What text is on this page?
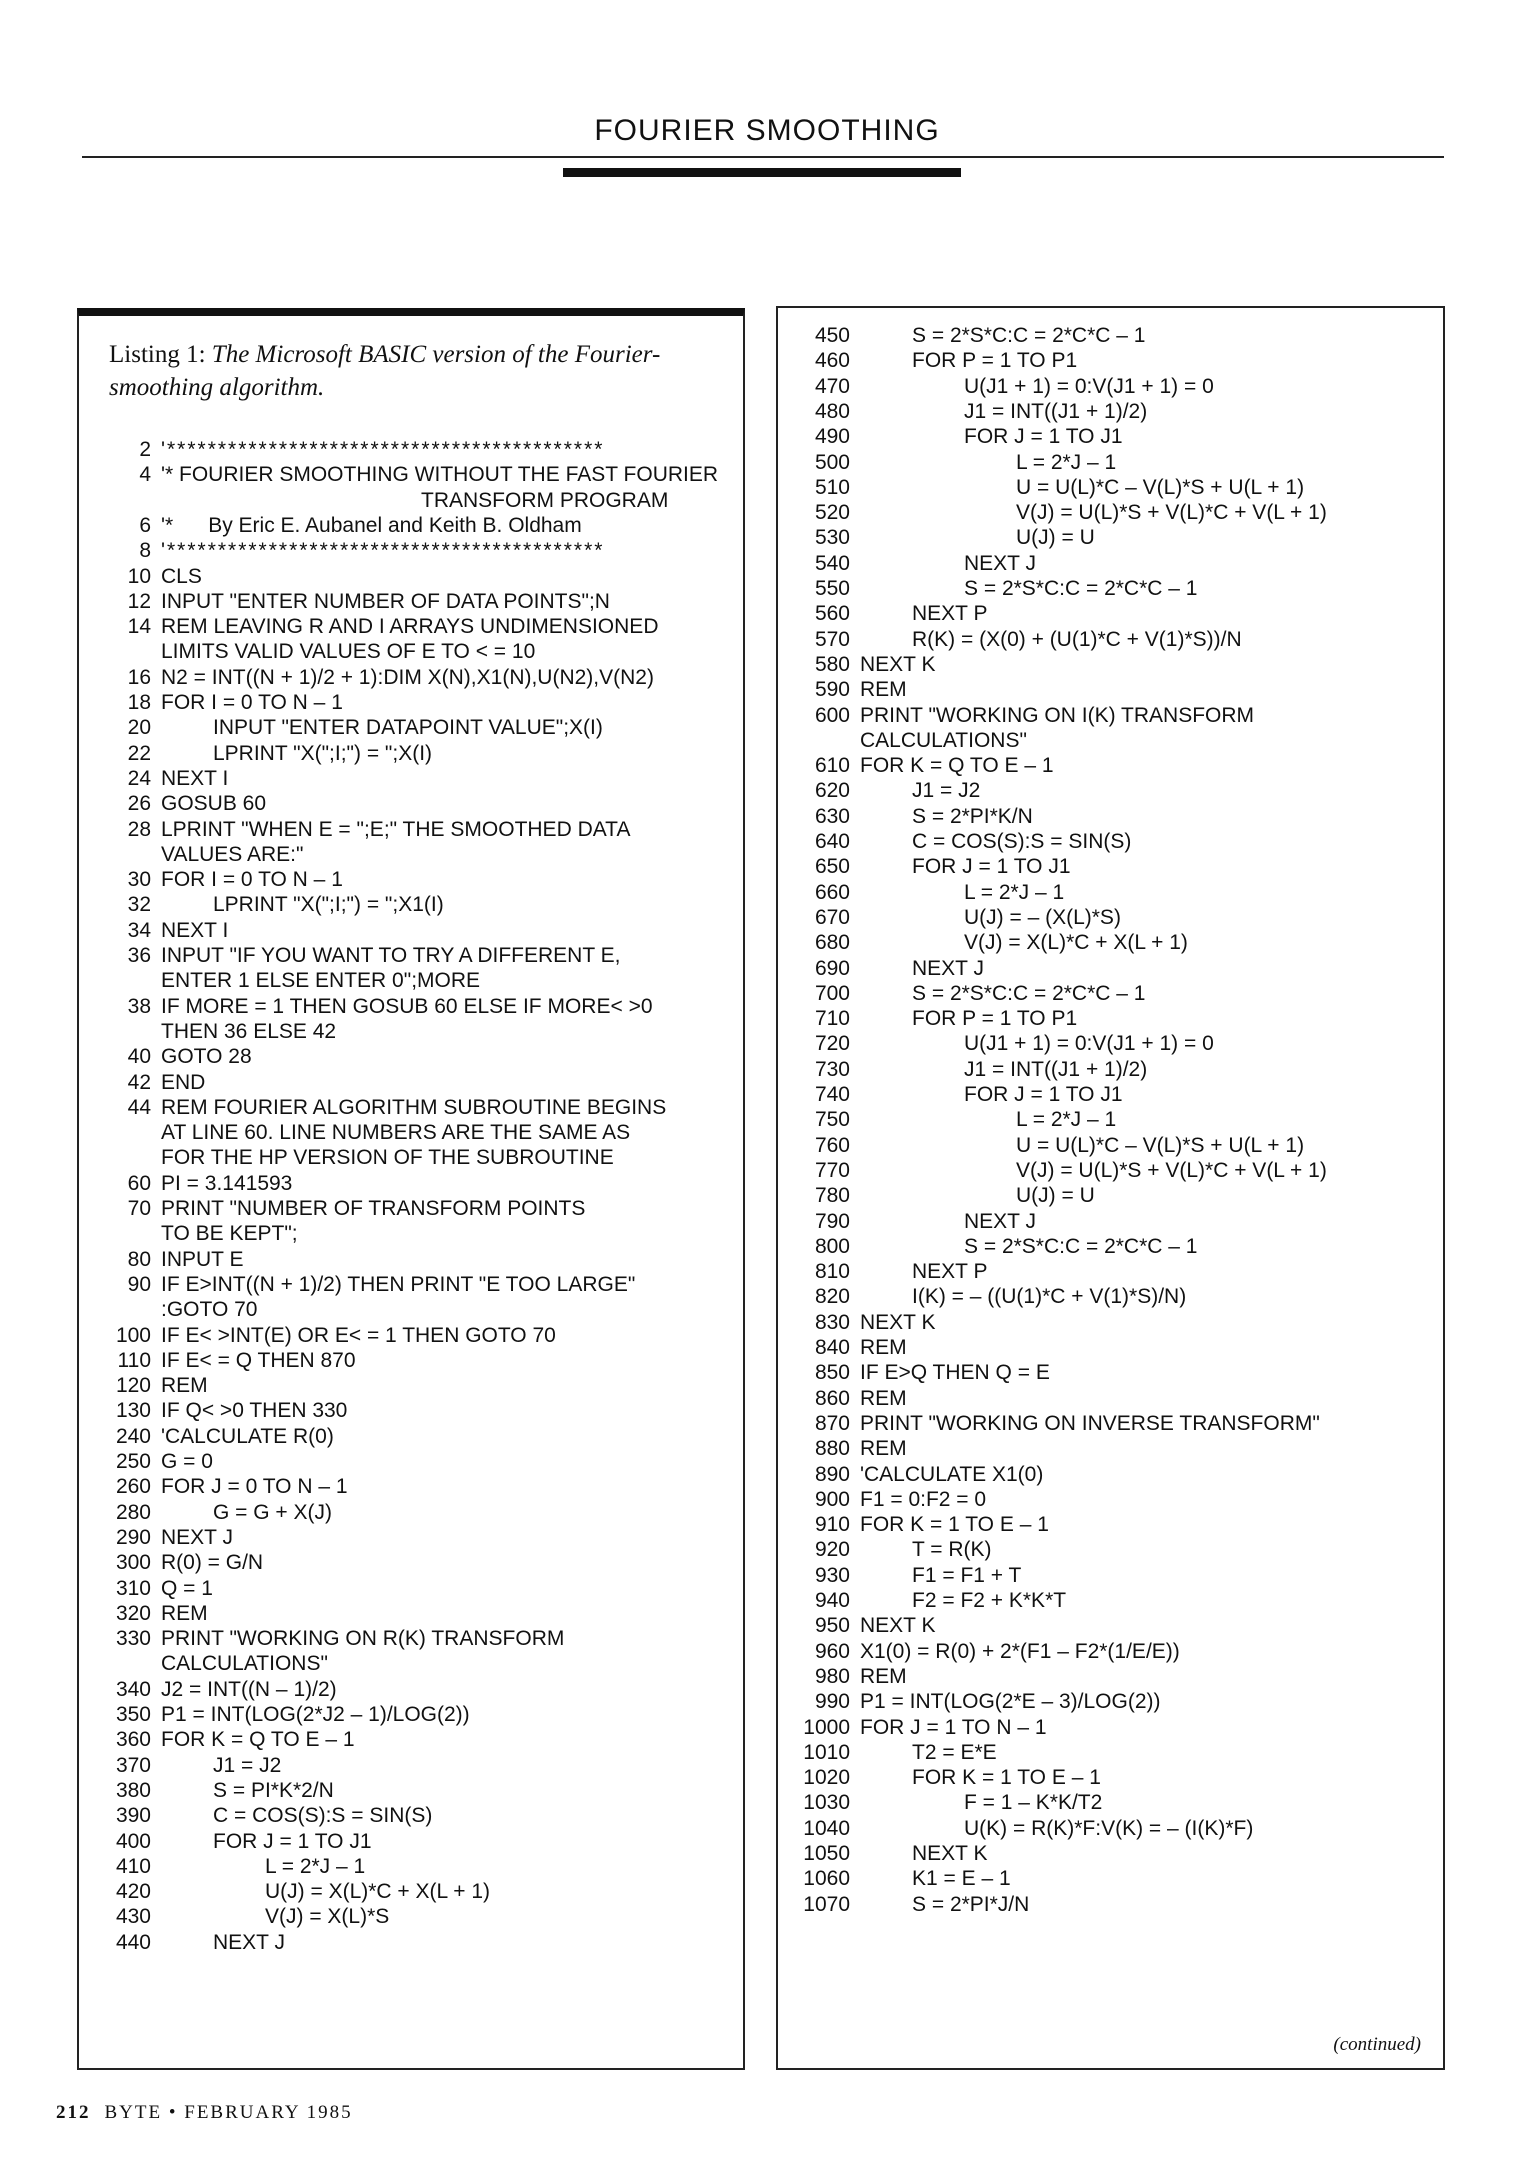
FOURIER SMOOTHING
Listing 1: The Microsoft BASIC version of the Fourier-smoothing algorithm.
2 '*******************************************
4 '* FOURIER SMOOTHING WITHOUT THE FAST FOURIER
TRANSFORM PROGRAM
6 '*      By Eric E. Aubanel and Keith B. Oldham
8 '*******************************************
10 CLS
12 INPUT "ENTER NUMBER OF DATA POINTS";N
14 REM LEAVING R AND I ARRAYS UNDIMENSIONED
LIMITS VALID VALUES OF E TO < = 10
16 N2 = INT((N + 1)/2 + 1):DIM X(N),X1(N),U(N2),V(N2)
18 FOR I = 0 TO N – 1
20	INPUT "ENTER DATAPOINT VALUE";X(I)
22	LPRINT "X(";I;") = ";X(I)
24 NEXT I
26 GOSUB 60
28 LPRINT "WHEN E = ";E;" THE SMOOTHED DATA
VALUES ARE:"
30 FOR I = 0 TO N – 1
32	LPRINT "X(";I;") = ";X1(I)
34 NEXT I
36 INPUT "IF YOU WANT TO TRY A DIFFERENT E,
ENTER 1 ELSE ENTER 0";MORE
38 IF MORE = 1 THEN GOSUB 60 ELSE IF MORE< >0
THEN 36 ELSE 42
40 GOTO 28
42 END
44 REM FOURIER ALGORITHM SUBROUTINE BEGINS
AT LINE 60. LINE NUMBERS ARE THE SAME AS
FOR THE HP VERSION OF THE SUBROUTINE
60 PI = 3.141593
70 PRINT "NUMBER OF TRANSFORM POINTS
TO BE KEPT";
80 INPUT E
90 IF E>INT((N + 1)/2) THEN PRINT "E TOO LARGE"
:GOTO 70
100 IF E< >INT(E) OR E< = 1 THEN GOTO 70
110 IF E< = Q THEN 870
120 REM
130 IF Q< >0 THEN 330
240 'CALCULATE R(0)
250 G = 0
260 FOR J = 0 TO N – 1
280	G = G + X(J)
290 NEXT J
300 R(0) = G/N
310 Q = 1
320 REM
330 PRINT "WORKING ON R(K) TRANSFORM
CALCULATIONS"
340 J2 = INT((N – 1)/2)
350 P1 = INT(LOG(2*J2 – 1)/LOG(2))
360 FOR K = Q TO E – 1
370	J1 = J2
380	S = PI*K*2/N
390	C = COS(S):S = SIN(S)
400	FOR J = 1 TO J1
410	L = 2*J – 1
420	U(J) = X(L)*C + X(L + 1)
430	V(J) = X(L)*S
440	NEXT J
450	S = 2*S*C:C = 2*C*C – 1
460	FOR P = 1 TO P1
470	U(J1 + 1) = 0:V(J1 + 1) = 0
480	J1 = INT((J1 + 1)/2)
490	FOR J = 1 TO J1
500	L = 2*J – 1
510	U = U(L)*C – V(L)*S + U(L + 1)
520	V(J) = U(L)*S + V(L)*C + V(L + 1)
530	U(J) = U
540	NEXT J
550	S = 2*S*C:C = 2*C*C – 1
560	NEXT P
570	R(K) = (X(0) + (U(1)*C + V(1)*S))/N
580 NEXT K
590 REM
600 PRINT "WORKING ON I(K) TRANSFORM
CALCULATIONS"
610 FOR K = Q TO E – 1
620	J1 = J2
630	S = 2*PI*K/N
640	C = COS(S):S = SIN(S)
650	FOR J = 1 TO J1
660	L = 2*J – 1
670	U(J) = – (X(L)*S)
680	V(J) = X(L)*C + X(L + 1)
690	NEXT J
700	S = 2*S*C:C = 2*C*C – 1
710	FOR P = 1 TO P1
720	U(J1 + 1) = 0:V(J1 + 1) = 0
730	J1 = INT((J1 + 1)/2)
740	FOR J = 1 TO J1
750	L = 2*J – 1
760	U = U(L)*C – V(L)*S + U(L + 1)
770	V(J) = U(L)*S + V(L)*C + V(L + 1)
780	U(J) = U
790	NEXT J
800	S = 2*S*C:C = 2*C*C – 1
810	NEXT P
820	I(K) = – ((U(1)*C + V(1)*S)/N)
830 NEXT K
840 REM
850 IF E>Q THEN Q = E
860 REM
870 PRINT "WORKING ON INVERSE TRANSFORM"
880 REM
890 'CALCULATE X1(0)
900 F1 = 0:F2 = 0
910 FOR K = 1 TO E – 1
920	T = R(K)
930	F1 = F1 + T
940	F2 = F2 + K*K*T
950 NEXT K
960 X1(0) = R(0) + 2*(F1 – F2*(1/E/E))
980 REM
990 P1 = INT(LOG(2*E – 3)/LOG(2))
1000 FOR J = 1 TO N – 1
1010	T2 = E*E
1020	FOR K = 1 TO E – 1
1030	F = 1 – K*K/T2
1040	U(K) = R(K)*F:V(K) = – (I(K)*F)
1050	NEXT K
1060	K1 = E – 1
1070	S = 2*PI*J/N
(continued)
212 BYTE • FEBRUARY 1985
